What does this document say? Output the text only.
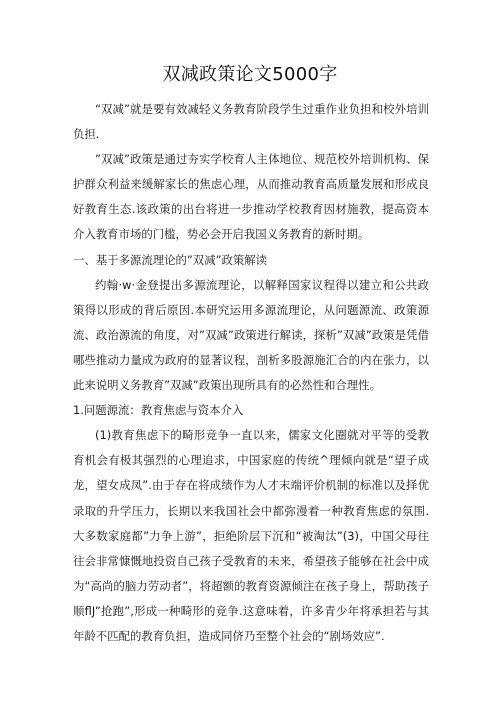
双减政策论文5000字

“双减”就是要有效减轻义务教育阶段学生过重作业负担和校外培训负担.

”双减”政策是通过夯实学校育人主体地位、规范校外培训机构、保护群众利益来缓解家长的焦虑心理，从而推动教育高质量发展和形成良好教育生态.该政策的出台将进一步推动学校教育因材施教，提高资本介入教育市场的门槛，势必会开启我国义务教育的新时期。

一、基于多源流理论的”双减”政策解读

约翰·w·金登提出多源流理论，以解释国家议程得以建立和公共政策得以形成的背后原因.本研究运用多源流理论，从问题源流、政策源流、政治源流的角度，对”双减”政策进行解读，探析”双减”政策是凭借哪些推动力量成为政府的显著议程，剖析多股源施汇合的内在张力，以此来说明义务教育”双减”政策出现所具有的必然性和合理性。

1.问题源流：教育焦虑与资本介入

(1)教育焦虑下的畸形竞争一直以来，儒家文化圈就对平等的受教育机会有极其强烈的心理追求，中国家庭的传统^理倾向就是“望子成龙，望女成凤”.由于存在将成绩作为人才末端评价机制的标准以及择优录取的升学压力，长期以来我国社会中都弥漫着一种教育焦虑的氛围.大多数家庭都”力争上游”，拒绝阶层下沉和“被淘汰”(3)，中国父母往往会非常慷慨地投资自己孩子受教育的未来，希望孩子能够在社会中成为“高尚的脑力劳动者”，将超额的教育资源倾注在孩子身上，帮助孩子顺flJ”抢跑”,形成一种畸形的竞争.这意味着，许多青少年将承担若与其年龄不匹配的教育负担，造成同侪乃至整个社会的“剧场效应”.
